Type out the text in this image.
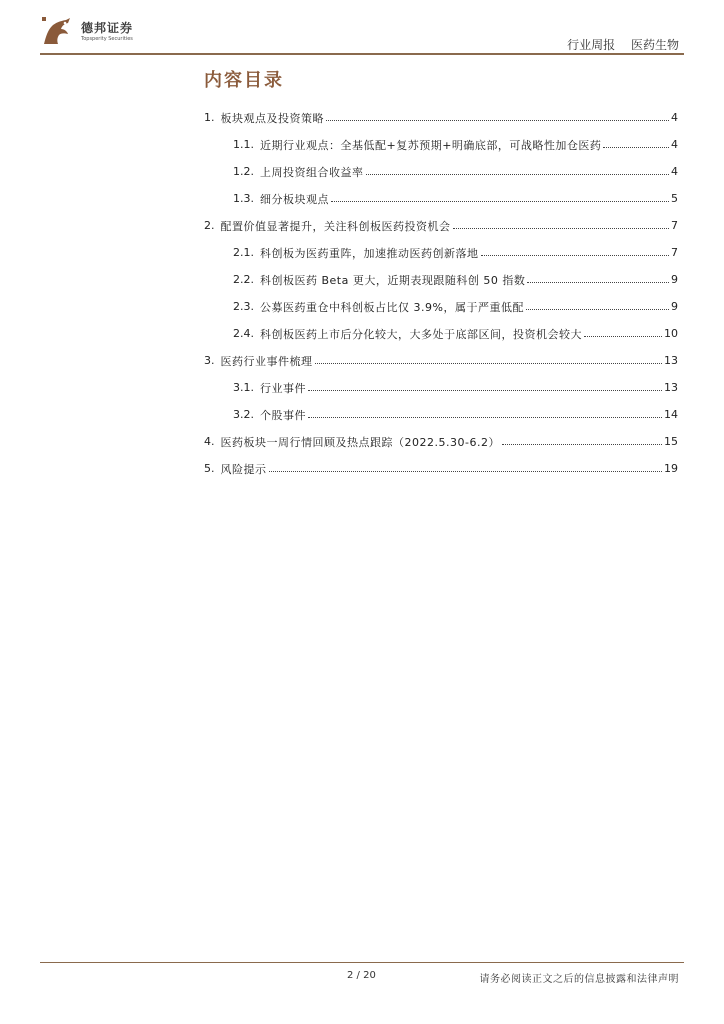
德邦证券
Topsperity Securities	行业周报 医药生物
内容目录
1. 板块观点及投资策略	4
1.1. 近期行业观点：全基低配+复苏预期+明确底部，可战略性加仓医药	4
1.2. 上周投资组合收益率	4
1.3. 细分板块观点	5
2. 配置价值显著提升，关注科创板医药投资机会	7
2.1. 科创板为医药重阵，加速推动医药创新落地	7
2.2. 科创板医药 Beta 更大，近期表现跟随科创 50 指数	9
2.3. 公募医药重仓中科创板占比仅 3.9%，属于严重低配	9
2.4. 科创板医药上市后分化较大，大多处于底部区间，投资机会较大	10
3. 医药行业事件梳理	13
3.1. 行业事件	13
3.2. 个股事件	14
4. 医药板块一周行情回顾及热点跟踪（2022.5.30-6.2）	15
5. 风险提示	19
2 / 20	请务必阅读正文之后的信息披露和法律声明
